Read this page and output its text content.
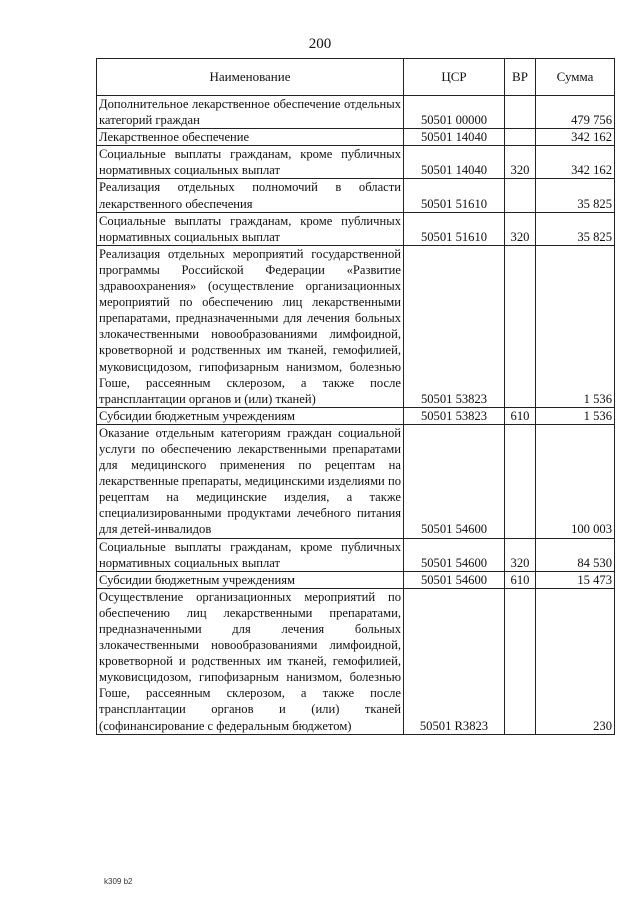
200
Наименование	ЦСР	ВР	Сумма
Дополнительное лекарственное обеспечение отдельных категорий граждан	50501 00000		479 756
Лекарственное обеспечение	50501 14040		342 162
Социальные выплаты гражданам, кроме публичных нормативных социальных выплат	50501 14040	320	342 162
Реализация отдельных полномочий в области лекарственного обеспечения	50501 51610		35 825
Социальные выплаты гражданам, кроме публичных нормативных социальных выплат	50501 51610	320	35 825
Реализация отдельных мероприятий государственной программы Российской Федерации «Развитие здравоохранения» (осуществление организационных мероприятий по обеспечению лиц лекарственными препаратами, предназначенными для лечения больных злокачественными новообразованиями лимфоидной, кроветворной и родственных им тканей, гемофилией, муковисцидозом, гипофизарным нанизмом, болезнью Гоше, рассеянным склерозом, а также после трансплантации органов и (или) тканей)	50501 53823		1 536
Субсидии бюджетным учреждениям	50501 53823	610	1 536
Оказание отдельным категориям граждан социальной услуги по обеспечению лекарственными препаратами для медицинского применения по рецептам на лекарственные препараты, медицинскими изделиями по рецептам на медицинские изделия, а также специализированными продуктами лечебного питания для детей-инвалидов	50501 54600		100 003
Социальные выплаты гражданам, кроме публичных нормативных социальных выплат	50501 54600	320	84 530
Субсидии бюджетным учреждениям	50501 54600	610	15 473
Осуществление организационных мероприятий по обеспечению лиц лекарственными препаратами, предназначенными для лечения больных злокачественными новообразованиями лимфоидной, кроветворной и родственных им тканей, гемофилией, муковисцидозом, гипофизарным нанизмом, болезнью Гоше, рассеянным склерозом, а также после трансплантации органов и (или) тканей (софинансирование с федеральным бюджетом)	50501 R3823		230
k309 b2
